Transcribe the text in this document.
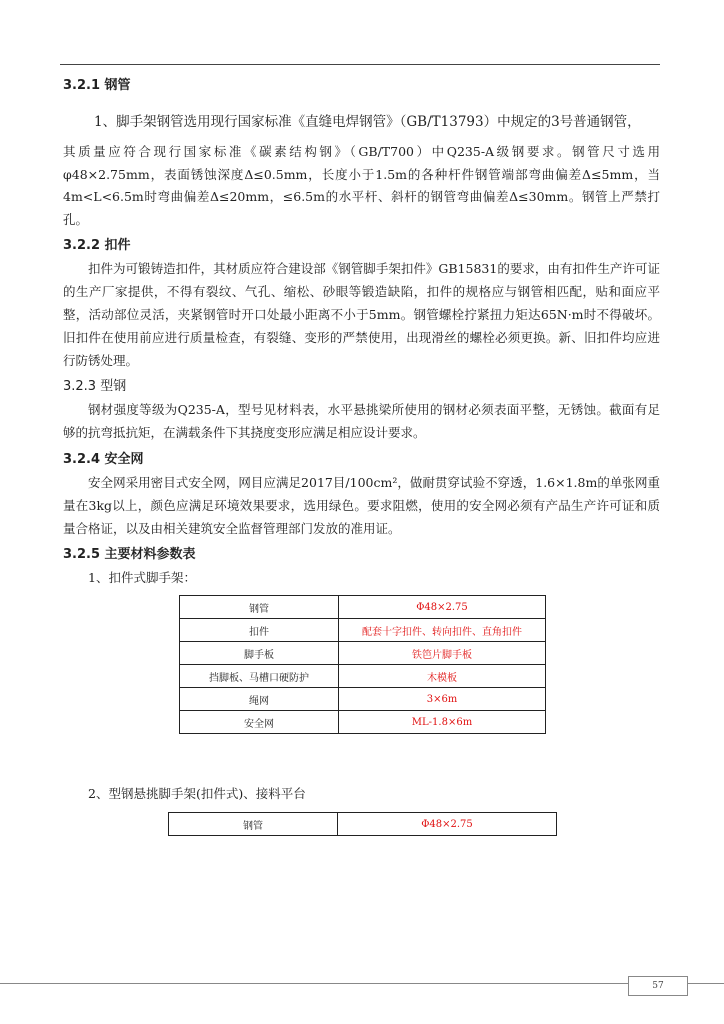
3.2.1 钢管

1、脚手架钢管选用现行国家标准《直缝电焊钢管》（GB/T13793）中规定的3号普通钢管，

其质量应符合现行国家标准《碳素结构钢》（GB/T700）中Q235-A级钢要求。钢管尺寸选用φ48×2.75mm，表面锈蚀深度Δ≤0.5mm，长度小于1.5m的各种杆件钢管端部弯曲偏差Δ≤5mm，当4m<L<6.5m时弯曲偏差Δ≤20mm，≤6.5m的水平杆、斜杆的钢管弯曲偏差Δ≤30mm。钢管上严禁打孔。

3.2.2 扣件

扣件为可锻铸造扣件，其材质应符合建设部《钢管脚手架扣件》GB15831的要求，由有扣件生产许可证的生产厂家提供，不得有裂纹、气孔、缩松、砂眼等锻造缺陷，扣件的规格应与钢管相匹配，贴和面应平整，活动部位灵活，夹紧钢管时开口处最小距离不小于5mm。钢管螺栓拧紧扭力矩达65N·m时不得破坏。旧扣件在使用前应进行质量检查，有裂缝、变形的严禁使用，出现滑丝的螺栓必须更换。新、旧扣件均应进行防锈处理。

3.2.3 型钢

钢材强度等级为Q235-A，型号见材料表，水平悬挑梁所使用的钢材必须表面平整，无锈蚀。截面有足够的抗弯抵抗矩，在满载条件下其挠度变形应满足相应设计要求。

3.2.4 安全网

安全网采用密目式安全网，网目应满足2017目/100cm²，做耐贯穿试验不穿透，1.6×1.8m的单张网重量在3kg以上，颜色应满足环境效果要求，选用绿色。要求阻燃，使用的安全网必须有产品生产许可证和质量合格证，以及由相关建筑安全监督管理部门发放的准用证。

3.2.5 主要材料参数表

1、扣件式脚手架：

钢管	Φ48×2.75
扣件	配套十字扣件、转向扣件、直角扣件
脚手板	铁笆片脚手板
挡脚板、马槽口硬防护	木模板
绳网	3×6m
安全网	ML-1.8×6m

2、型钢悬挑脚手架(扣件式)、接料平台

钢管	Φ48×2.75
57
